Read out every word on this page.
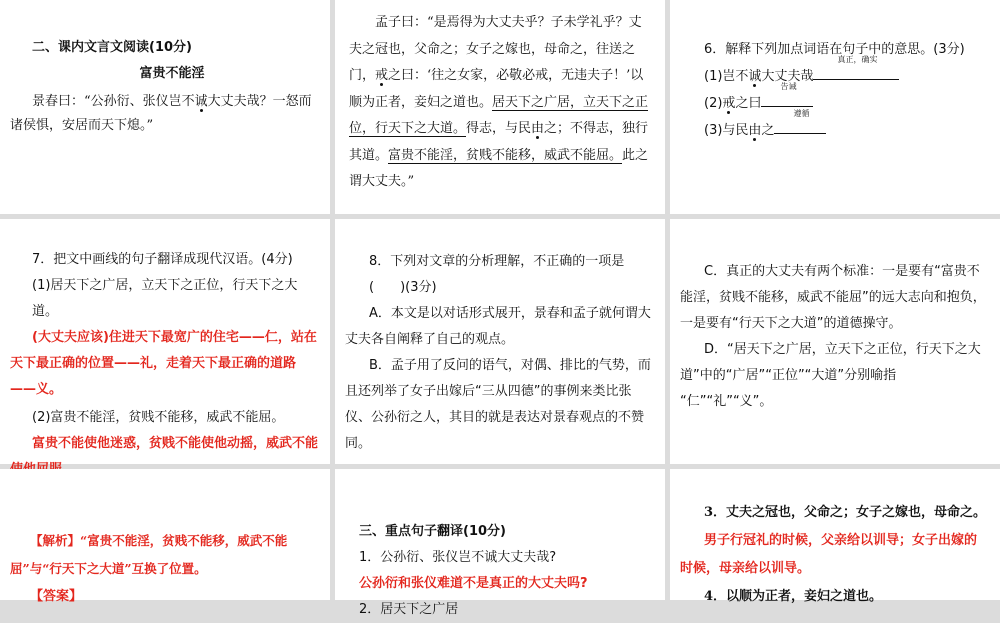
二、课内文言文阅读(10分)

富贵不能淫

景春曰：“公孙衍、张仪岂不诚大丈夫哉？一怒而诸侯惧，安居而天下熄。”

孟子曰：“是焉得为大丈夫乎？子未学礼乎？丈夫之冠也，父命之；女子之嫁也，母命之，往送之门，戒之曰：‘往之女家，必敬必戒，无违夫子！’以顺为正者，妾妇之道也。居天下之广居，立天下之正位，行天下之大道。得志，与民由之；不得志，独行其道。富贵不能淫，贫贱不能移，威武不能屈。此之谓大丈夫。”

6．解释下列加点词语在句子中的意思。(3分)

(1)岂不诚大丈夫哉
真正，确实

(2)戒之曰
告诫

(3)与民由之
遵循

7．把文中画线的句子翻译成现代汉语。(4分)

(1)居天下之广居，立天下之正位，行天下之大道。

(大丈夫应该)住进天下最宽广的住宅——仁，站在天下最正确的位置——礼，走着天下最正确的道路——义。

(2)富贵不能淫，贫贱不能移，威武不能屈。

富贵不能使他迷惑，贫贱不能使他动摇，威武不能

8．下列对文章的分析理解，不正确的一项是(　　)(3分)

A．本文是以对话形式展开，景春和孟子就何谓大丈夫各自阐释了自己的观点。

B．孟子用了反问的语气，对偶、排比的气势，而且还列举了女子出嫁后“三从四德”的事例来类比张仪、公孙衍之人，其目的就是表达对景春观点的不赞同。

C．真正的大丈夫有两个标准：一是要有“富贵不能淫，贫贱不能移，威武不能屈”的远大志向和抱负，一是要有“行天下之大道”的道德操守。

D．“居天下之广居，立天下之正位，行天下之大道”中的“广居”“正位”“大道”分别喻指

“仁”“礼”“义”。

【解析】“富贵不能淫，贫贱不能移，威武不能屈”与“行天下之大道”互换了位置。

【答案】

三、重点句子翻译(10分)

1．公孙衍、张仪岂不诚大丈夫哉?

公孙衍和张仪难道不是真正的大丈夫吗?

2．居天下之广居

3．丈夫之冠也，父命之；女子之嫁也，母命之。

男子行冠礼的时候，父亲给以训导；女子出嫁的时候，母亲给以训导。

4．以顺为正者，妾妇之道也。
